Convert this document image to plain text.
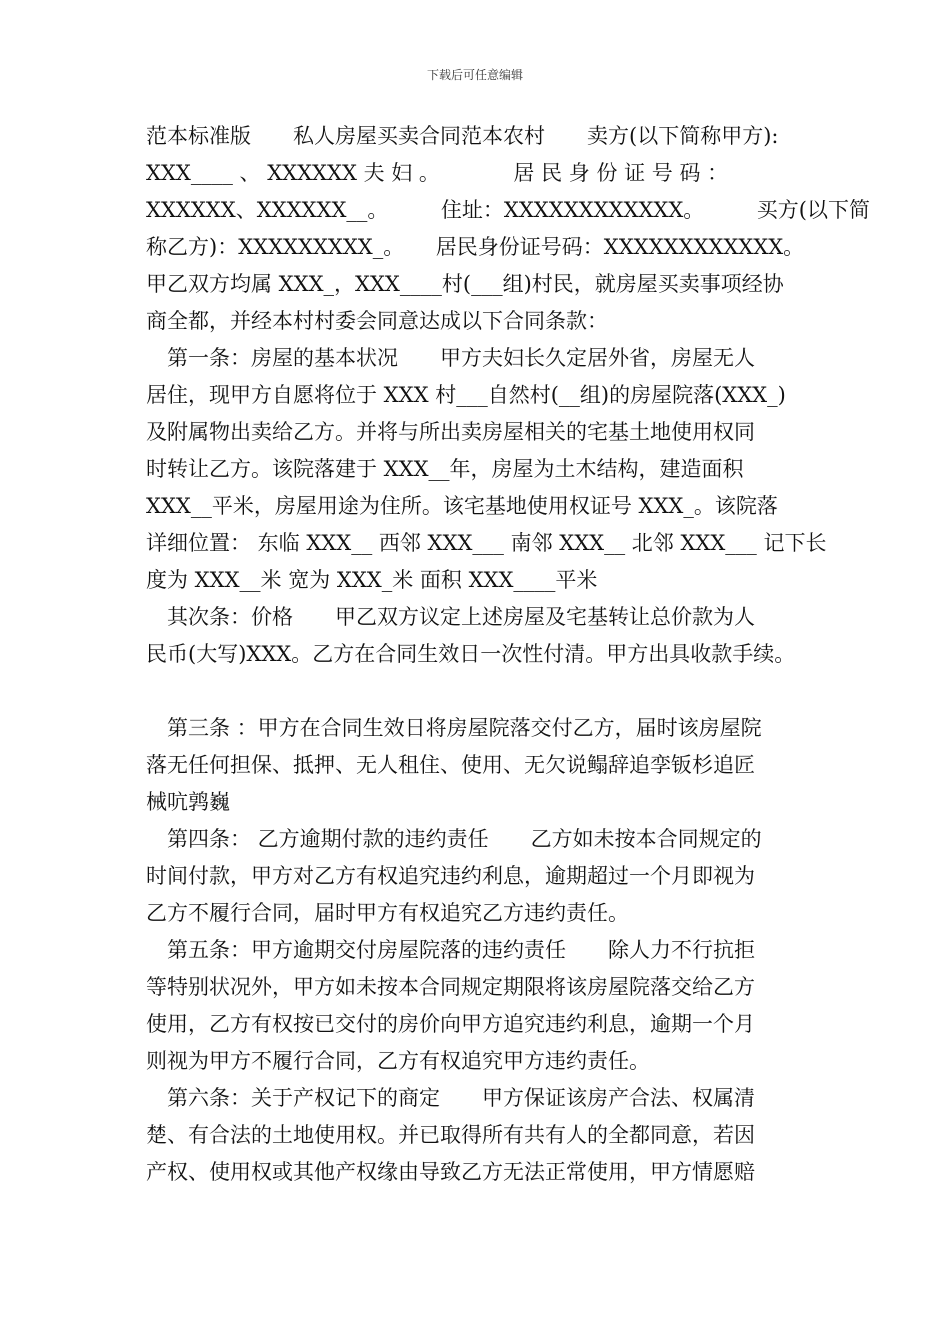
下载后可任意编辑
范本标准版　　私人房屋买卖合同范本农村　　卖方(以下简称甲方):
XXX____ 、 XXXXXX 夫 妇 。　　　　居 民 身 份 证 号 码 ：
XXXXXX、XXXXXX__。　　　住址：XXXXXXXXXXXX。　　　买方(以下简
称乙方)：XXXXXXXXX_。　　居民身份证号码：XXXXXXXXXXXX。
甲乙双方均属 XXX_，XXX____村(___组)村民，就房屋买卖事项经协
商全都，并经本村村委会同意达成以下合同条款：
　第一条：房屋的基本状况　　甲方夫妇长久定居外省，房屋无人
居住，现甲方自愿将位于 XXX 村___自然村(__组)的房屋院落(XXX_)
及附属物出卖给乙方。并将与所出卖房屋相关的宅基土地使用权同
时转让乙方。该院落建于 XXX__年，房屋为土木结构，建造面积
XXX__平米，房屋用途为住所。该宅基地使用权证号 XXX_。该院落
详细位置： 东临 XXX__ 西邻 XXX___ 南邻 XXX__ 北邻 XXX___ 记下长
度为 XXX__米 宽为 XXX_米 面积 XXX____平米
　其次条：价格　　甲乙双方议定上述房屋及宅基转让总价款为人
民币(大写)XXX。乙方在合同生效日一次性付清。甲方出具收款手续。
　第三条 ：甲方在合同生效日将房屋院落交付乙方，届时该房屋院
落无任何担保、抵押、无人租住、使用、无欠说鳎辞追孪钣杉追匠
械吭鹑巍
　第四条： 乙方逾期付款的违约责任　　乙方如未按本合同规定的
时间付款，甲方对乙方有权追究违约利息，逾期超过一个月即视为
乙方不履行合同，届时甲方有权追究乙方违约责任。
　第五条：甲方逾期交付房屋院落的违约责任　　除人力不行抗拒
等特别状况外，甲方如未按本合同规定期限将该房屋院落交给乙方
使用，乙方有权按已交付的房价向甲方追究违约利息，逾期一个月
则视为甲方不履行合同，乙方有权追究甲方违约责任。
　第六条：关于产权记下的商定　　甲方保证该房产合法、权属清
楚、有合法的土地使用权。并已取得所有共有人的全都同意，若因
产权、使用权或其他产权缘由导致乙方无法正常使用，甲方情愿赔
